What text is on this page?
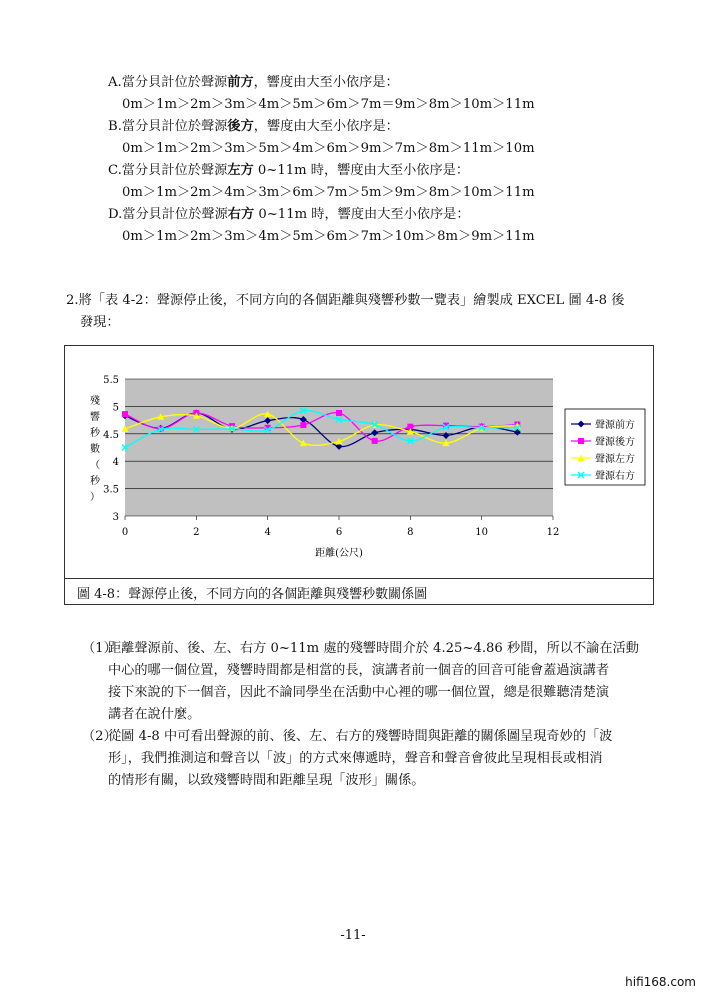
A.當分貝計位於聲源前方，響度由大至小依序是：
0m＞1m＞2m＞3m＞4m＞5m＞6m＞7m＝9m＞8m＞10m＞11m
B.當分貝計位於聲源後方，響度由大至小依序是：
0m＞1m＞2m＞3m＞5m＞4m＞6m＞9m＞7m＞8m＞11m＞10m
C.當分貝計位於聲源左方 0~11m 時，響度由大至小依序是：
0m＞1m＞2m＞4m＞3m＞6m＞7m＞5m＞9m＞8m＞10m＞11m
D.當分貝計位於聲源右方 0~11m 時，響度由大至小依序是：
0m＞1m＞2m＞3m＞4m＞5m＞6m＞7m＞10m＞8m＞9m＞11m
2.將「表 4-2：聲源停止後，不同方向的各個距離與殘響秒數一覽表」繪製成 EXCEL 圖 4-8 後
發現：
5.5
5
4.5
4
3.5
3
0	2	4	6	8	10	12
距離(公尺)
殘
響
秒
數
（
秒
）
聲源前方
聲源後方
聲源左方
聲源右方
圖 4-8：聲源停止後，不同方向的各個距離與殘響秒數關係圖
（1）
距離聲源前、後、左、右方 0~11m 處的殘響時間介於 4.25~4.86 秒間，所以不論在活動
中心的哪一個位置，殘響時間都是相當的長，演講者前一個音的回音可能會蓋過演講者
接下來說的下一個音，因此不論同學坐在活動中心裡的哪一個位置，總是很難聽清楚演
講者在說什麼。
（2）
從圖 4-8 中可看出聲源的前、後、左、右方的殘響時間與距離的關係圖呈現奇妙的「波
形」，我們推測這和聲音以「波」的方式來傳遞時，聲音和聲音會彼此呈現相長或相消
的情形有關，以致殘響時間和距離呈現「波形」關係。
-11-
hifi168.com
